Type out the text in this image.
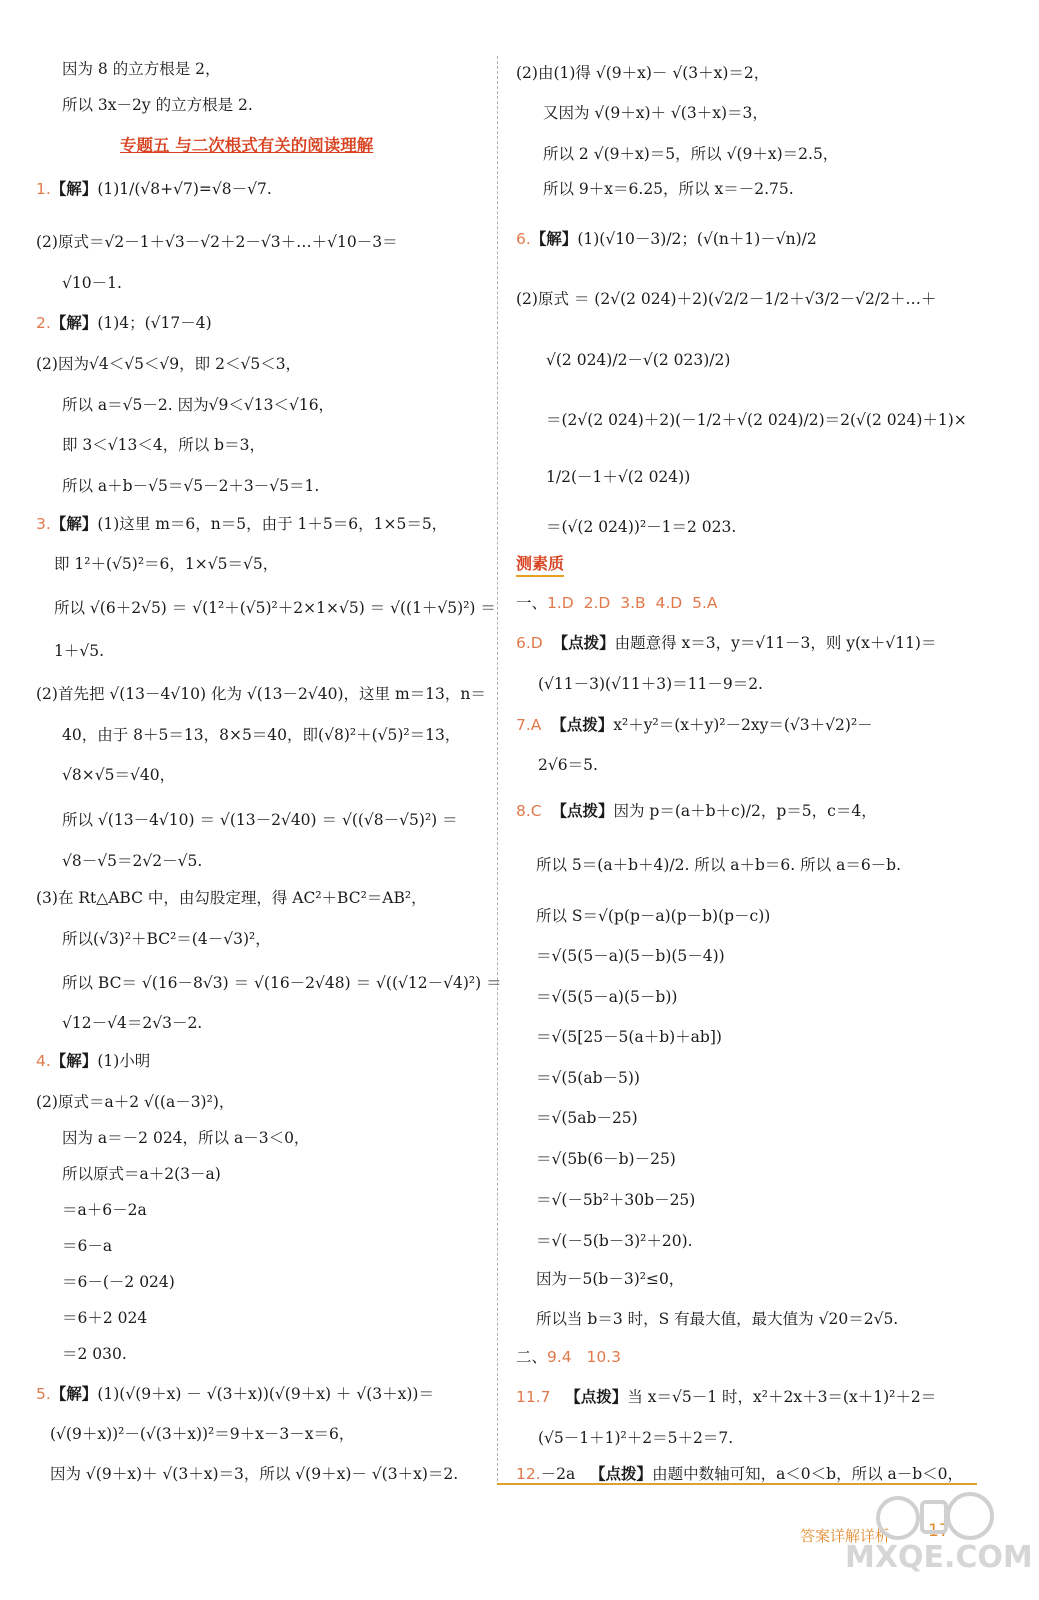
因为 8 的立方根是 2，
所以 3x－2y 的立方根是 2.
专题五 与二次根式有关的阅读理解
1.【解】(1)1/(√8+√7)=√8－√7.
(2)原式＝√2－1＋√3－√2＋2－√3＋…＋√10－3＝
√10－1.
2.【解】(1)4；(√17－4)
(2)因为√4＜√5＜√9，即 2＜√5＜3，
所以 a＝√5－2. 因为√9＜√13＜√16，
即 3＜√13＜4，所以 b＝3，
所以 a＋b－√5＝√5－2＋3－√5＝1.
3.【解】(1)这里 m＝6，n＝5，由于 1＋5＝6，1×5＝5，
即 1²＋(√5)²＝6，1×√5＝√5，
所以 √(6＋2√5) ＝ √(1²＋(√5)²＋2×1×√5) ＝ √((1＋√5)²) ＝
1＋√5.
(2)首先把 √(13－4√10) 化为 √(13－2√40)，这里 m＝13，n＝
40，由于 8＋5＝13，8×5＝40，即(√8)²＋(√5)²＝13，
√8×√5＝√40，
所以 √(13－4√10) ＝ √(13－2√40) ＝ √((√8－√5)²) ＝
√8－√5＝2√2－√5.
(3)在 Rt△ABC 中，由勾股定理，得 AC²＋BC²＝AB²，
所以(√3)²＋BC²＝(4－√3)²，
所以 BC＝ √(16－8√3) ＝ √(16－2√48) ＝ √((√12－√4)²) ＝
√12－√4＝2√3－2.
4.【解】(1)小明
(2)原式＝a＋2 √((a－3)²)，
因为 a＝－2 024，所以 a－3＜0，
所以原式＝a＋2(3－a)
＝a＋6－2a
＝6－a
＝6－(－2 024)
＝6＋2 024
＝2 030.
5.【解】(1)(√(9＋x) － √(3＋x))(√(9＋x) ＋ √(3＋x))＝
(√(9＋x))²－(√(3＋x))²＝9＋x－3－x＝6，
因为 √(9＋x)＋ √(3＋x)＝3，所以 √(9＋x)－ √(3＋x)＝2.
(2)由(1)得 √(9＋x)－ √(3＋x)＝2，
又因为 √(9＋x)＋ √(3＋x)＝3，
所以 2 √(9＋x)＝5，所以 √(9＋x)＝2.5，
所以 9＋x＝6.25，所以 x＝－2.75.
6.【解】(1)(√10－3)/2；(√(n＋1)－√n)/2
(2)原式 ＝ (2√(2 024)＋2)(√2/2－1/2＋√3/2－√2/2＋…＋
√(2 024)/2－√(2 023)/2)
＝(2√(2 024)＋2)(－1/2＋√(2 024)/2)＝2(√(2 024)＋1)×
1/2(－1＋√(2 024))
＝(√(2 024))²－1＝2 023.
测素质
一、1.D 2.D 3.B 4.D 5.A
6.D 【点拨】由题意得 x＝3，y＝√11－3，则 y(x＋√11)＝
(√11－3)(√11＋3)＝11－9＝2.
7.A 【点拨】x²＋y²＝(x＋y)²－2xy＝(√3＋√2)²－
2√6＝5.
8.C 【点拨】因为 p＝(a＋b＋c)/2，p＝5，c＝4，
所以 5＝(a＋b＋4)/2. 所以 a＋b＝6. 所以 a＝6－b.
所以 S＝√(p(p－a)(p－b)(p－c))
＝√(5(5－a)(5－b)(5－4))
＝√(5(5－a)(5－b))
＝√(5[25－5(a＋b)＋ab])
＝√(5(ab－5))
＝√(5ab－25)
＝√(5b(6－b)－25)
＝√(－5b²＋30b－25)
＝√(－5(b－3)²＋20).
因为－5(b－3)²≤0，
所以当 b＝3 时，S 有最大值，最大值为 √20＝2√5.
二、9.4 10.3
11.7 【点拨】当 x＝√5－1 时，x²＋2x＋3＝(x＋1)²＋2＝
(√5－1＋1)²＋2＝5＋2＝7.
12.－2a 【点拨】由题中数轴可知，a＜0＜b，所以 a－b＜0，
答案详解详析 17
MXQE.COM
